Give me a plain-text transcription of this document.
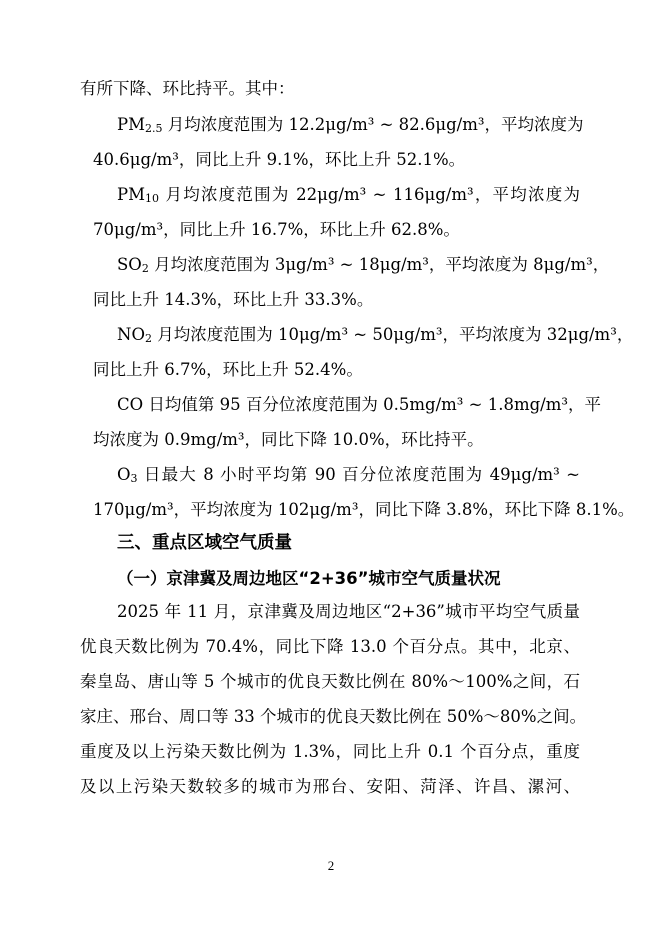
有所下降、环比持平。其中：
PM2.5 月均浓度范围为 12.2μg/m³ ~ 82.6μg/m³，平均浓度为
40.6μg/m³，同比上升 9.1%，环比上升 52.1%。
PM10 月均浓度范围为 22μg/m³ ~ 116μg/m³，平均浓度为
70μg/m³，同比上升 16.7%，环比上升 62.8%。
SO2 月均浓度范围为 3μg/m³ ~ 18μg/m³，平均浓度为 8μg/m³，
同比上升 14.3%，环比上升 33.3%。
NO2 月均浓度范围为 10μg/m³ ~ 50μg/m³，平均浓度为 32μg/m³，
同比上升 6.7%，环比上升 52.4%。
CO 日均值第 95 百分位浓度范围为 0.5mg/m³ ~ 1.8mg/m³，平
均浓度为 0.9mg/m³，同比下降 10.0%，环比持平。
O3 日最大 8 小时平均第 90 百分位浓度范围为 49μg/m³ ~
170μg/m³，平均浓度为 102μg/m³，同比下降 3.8%，环比下降 8.1%。
三、重点区域空气质量
（一）京津冀及周边地区“2+36”城市空气质量状况
2025 年 11 月，京津冀及周边地区“2+36”城市平均空气质量
优良天数比例为 70.4%，同比下降 13.0 个百分点。其中，北京、
秦皇岛、唐山等 5 个城市的优良天数比例在 80%～100%之间，石
家庄、邢台、周口等 33 个城市的优良天数比例在 50%～80%之间。
重度及以上污染天数比例为 1.3%，同比上升 0.1 个百分点，重度
及以上污染天数较多的城市为邢台、安阳、菏泽、许昌、漯河、
2
